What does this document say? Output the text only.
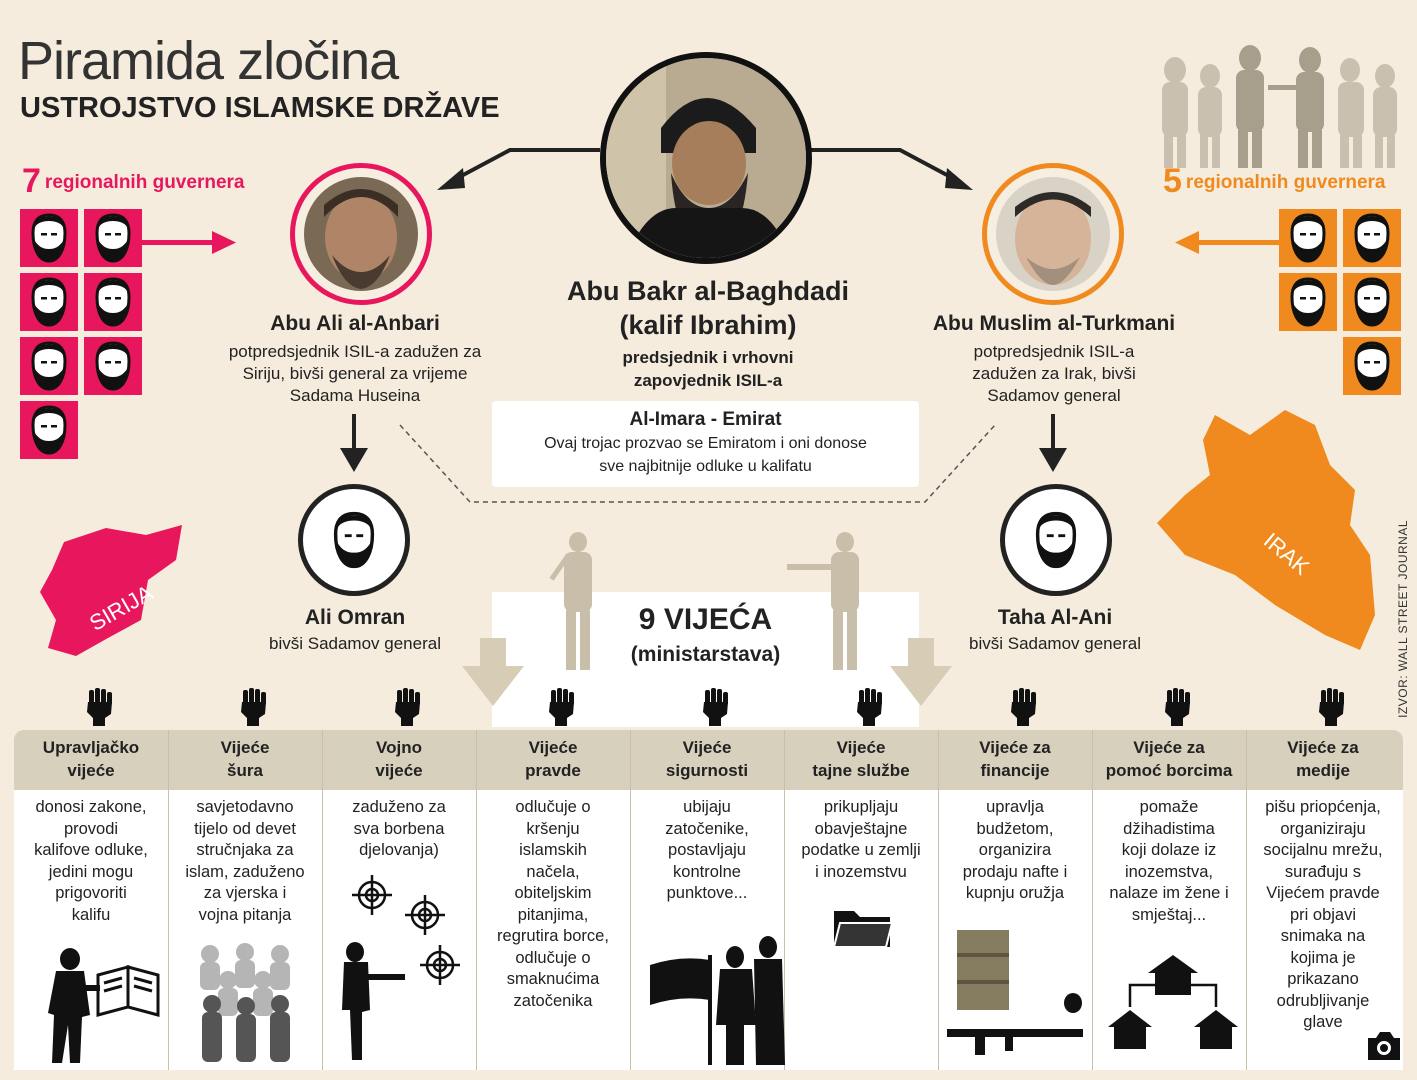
Piramida zločina
USTROJSTVO ISLAMSKE DRŽAVE
7 regionalnih guvernera	5 regionalnih guvernera
Abu Bakr al-Baghdadi
(kalif Ibrahim)
predsjednik i vrhovni
zapovjednik ISIL-a
Abu Ali al-Anbari
potpredsjednik ISIL-a zadužen za
Siriju, bivši general za vrijeme
Sadama Huseina
Abu Muslim al-Turkmani
potpredsjednik ISIL-a
zadužen za Irak, bivši
Sadamov general
Al-Imara - Emirat
Ovaj trojac prozvao se Emiratom i oni donose
sve najbitnije odluke u kalifatu
Ali Omran
bivši Sadamov general
Taha Al-Ani
bivši Sadamov general
SIRIJA
IRAK	IZVOR: WALL STREET JOURNAL
9 VIJEĆA
(ministarstava)
Upravljačko
vijeće
Vijeće
šura
Vojno
vijeće
Vijeće
pravde
Vijeće
sigurnosti
Vijeće
tajne službe
Vijeće za
financije
Vijeće za
pomoć borcima
Vijeće za
medije
donosi zakone,
provodi
kalifove odluke,
jedini mogu
prigovoriti
kalifu
savjetodavno
tijelo od devet
stručnjaka za
islam, zaduženo
za vjerska i
vojna pitanja
zaduženo za
sva borbena
djelovanja)
odlučuje o
kršenju
islamskih
načela,
obiteljskim
pitanjima,
regrutira borce,
odlučuje o
smaknućima
zatočenika
ubijaju
zatočenike,
postavljaju
kontrolne
punktove...
prikupljaju
obavještajne
podatke u zemlji
i inozemstvu
upravlja
budžetom,
organizira
prodaju nafte i
kupnju oružja
pomaže
džihadistima
koji dolaze iz
inozemstva,
nalaze im žene i
smještaj...
pišu priopćenja,
organiziraju
socijalnu mrežu,
surađuju s
Vijećem pravde
pri objavi
snimaka na
kojima je
prikazano
odrubljivanje
glave
